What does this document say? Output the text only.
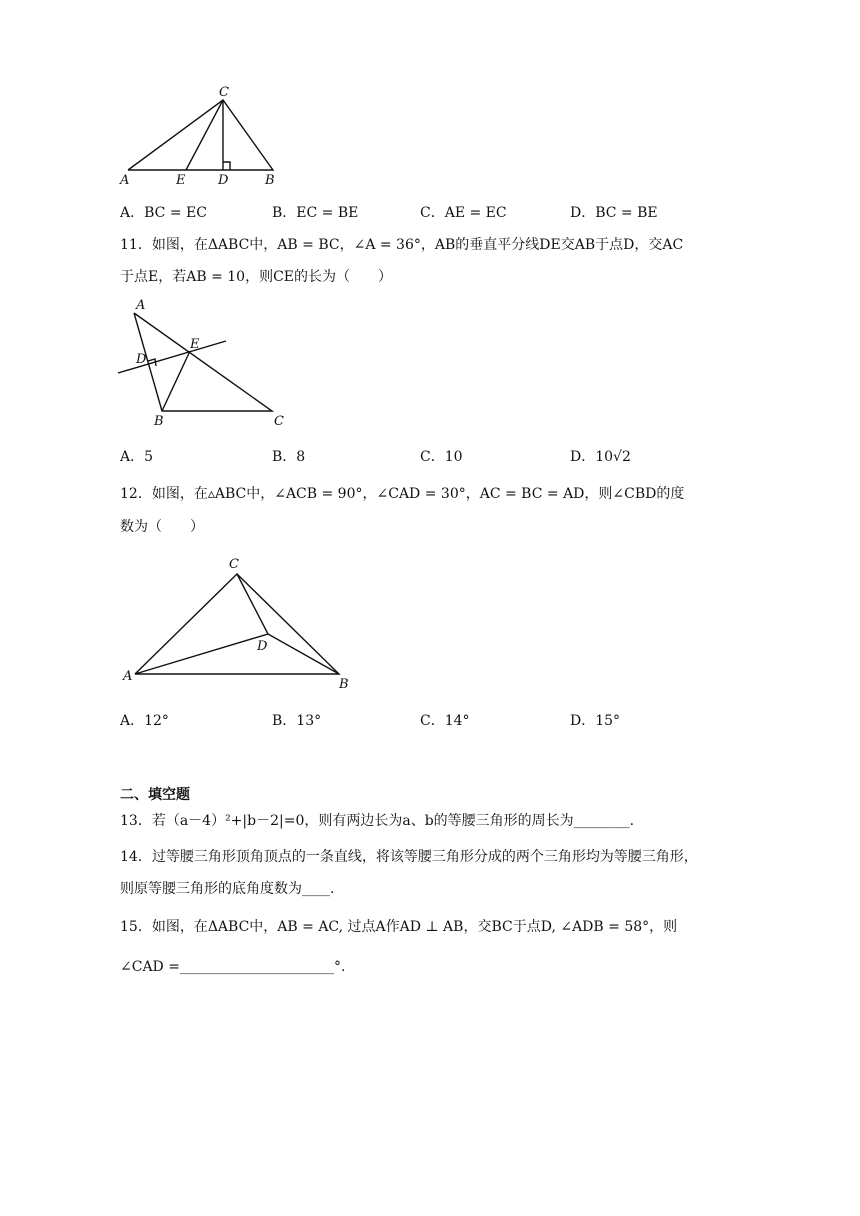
C
A	E	D	B
A．BC = EC	B．EC = BE	C．AE = EC	D．BC = BE
11．如图，在ΔABC中，AB = BC，∠A = 36°，AB的垂直平分线DE交AB于点D，交AC
于点E，若AB = 10，则CE的长为（　　）
A
D
E
B	C
A．5	B．8	C．10	D．10√2
12．如图，在▵ABC中，∠ACB = 90°，∠CAD = 30°，AC = BC = AD，则∠CBD的度
数为（　　）
C
D
A
B
A．12°	B．13°	C．14°	D．15°
二、填空题
13．若（a－4）²+|b－2|=0，则有两边长为a、b的等腰三角形的周长为________.
14．过等腰三角形顶角顶点的一条直线，将该等腰三角形分成的两个三角形均为等腰三角形，
则原等腰三角形的底角度数为____.
15．如图，在ΔABC中，AB = AC, 过点A作AD ⊥ AB，交BC于点D, ∠ADB = 58°，则
∠CAD =______________________°.
